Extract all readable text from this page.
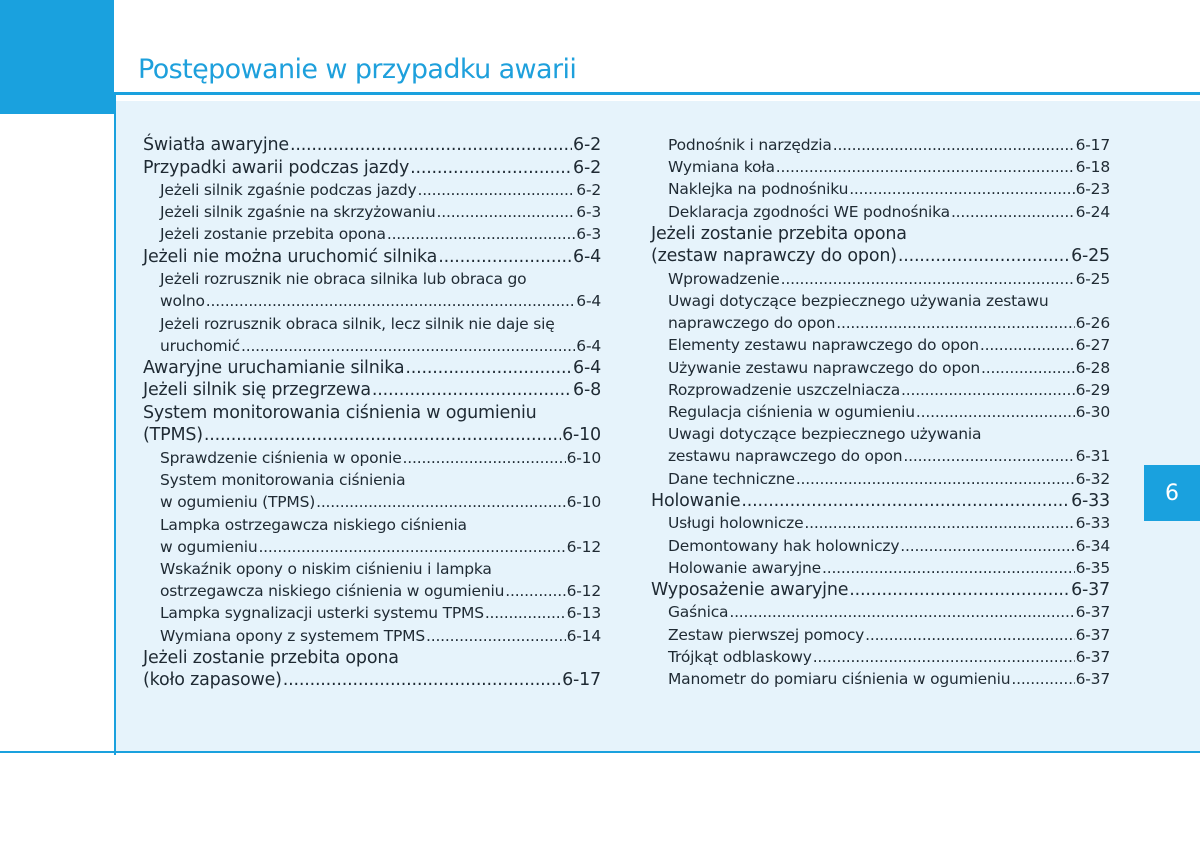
Postępowanie w przypadku awarii
6
Światła awaryjne .....	6-2
Przypadki awarii podczas jazdy .....	6-2
Jeżeli silnik zgaśnie podczas jazdy .....	6-2
Jeżeli silnik zgaśnie na skrzyżowaniu .....	6-3
Jeżeli zostanie przebita opona .....	6-3
Jeżeli nie można uruchomić silnika .....	6-4
Jeżeli rozrusznik nie obraca silnika lub obraca go
wolno .....	6-4
Jeżeli rozrusznik obraca silnik, lecz silnik nie daje się
uruchomić .....	6-4
Awaryjne uruchamianie silnika .....	6-4
Jeżeli silnik się przegrzewa .....	6-8
System monitorowania ciśnienia w ogumieniu
(TPMS) .....	6-10
Sprawdzenie ciśnienia w oponie .....	6-10
System monitorowania ciśnienia
w ogumieniu (TPMS) .....	6-10
Lampka ostrzegawcza niskiego ciśnienia
w ogumieniu .....	6-12
Wskaźnik opony o niskim ciśnieniu i lampka
ostrzegawcza niskiego ciśnienia w ogumieniu .....	6-12
Lampka sygnalizacji usterki systemu TPMS .....	6-13
Wymiana opony z systemem TPMS .....	6-14
Jeżeli zostanie przebita opona
(koło zapasowe) .....	6-17
Podnośnik i narzędzia .....	6-17
Wymiana koła .....	6-18
Naklejka na podnośniku .....	6-23
Deklaracja zgodności WE podnośnika .....	6-24
Jeżeli zostanie przebita opona
(zestaw naprawczy do opon) .....	6-25
Wprowadzenie .....	6-25
Uwagi dotyczące bezpiecznego używania zestawu
naprawczego do opon .....	6-26
Elementy zestawu naprawczego do opon .....	6-27
Używanie zestawu naprawczego do opon .....	6-28
Rozprowadzenie uszczelniacza .....	6-29
Regulacja ciśnienia w ogumieniu .....	6-30
Uwagi dotyczące bezpiecznego używania
zestawu naprawczego do opon .....	6-31
Dane techniczne .....	6-32
Holowanie .....	6-33
Usługi holownicze .....	6-33
Demontowany hak holowniczy .....	6-34
Holowanie awaryjne .....	6-35
Wyposażenie awaryjne .....	6-37
Gaśnica .....	6-37
Zestaw pierwszej pomocy .....	6-37
Trójkąt odblaskowy .....	6-37
Manometr do pomiaru ciśnienia w ogumieniu .....	6-37
